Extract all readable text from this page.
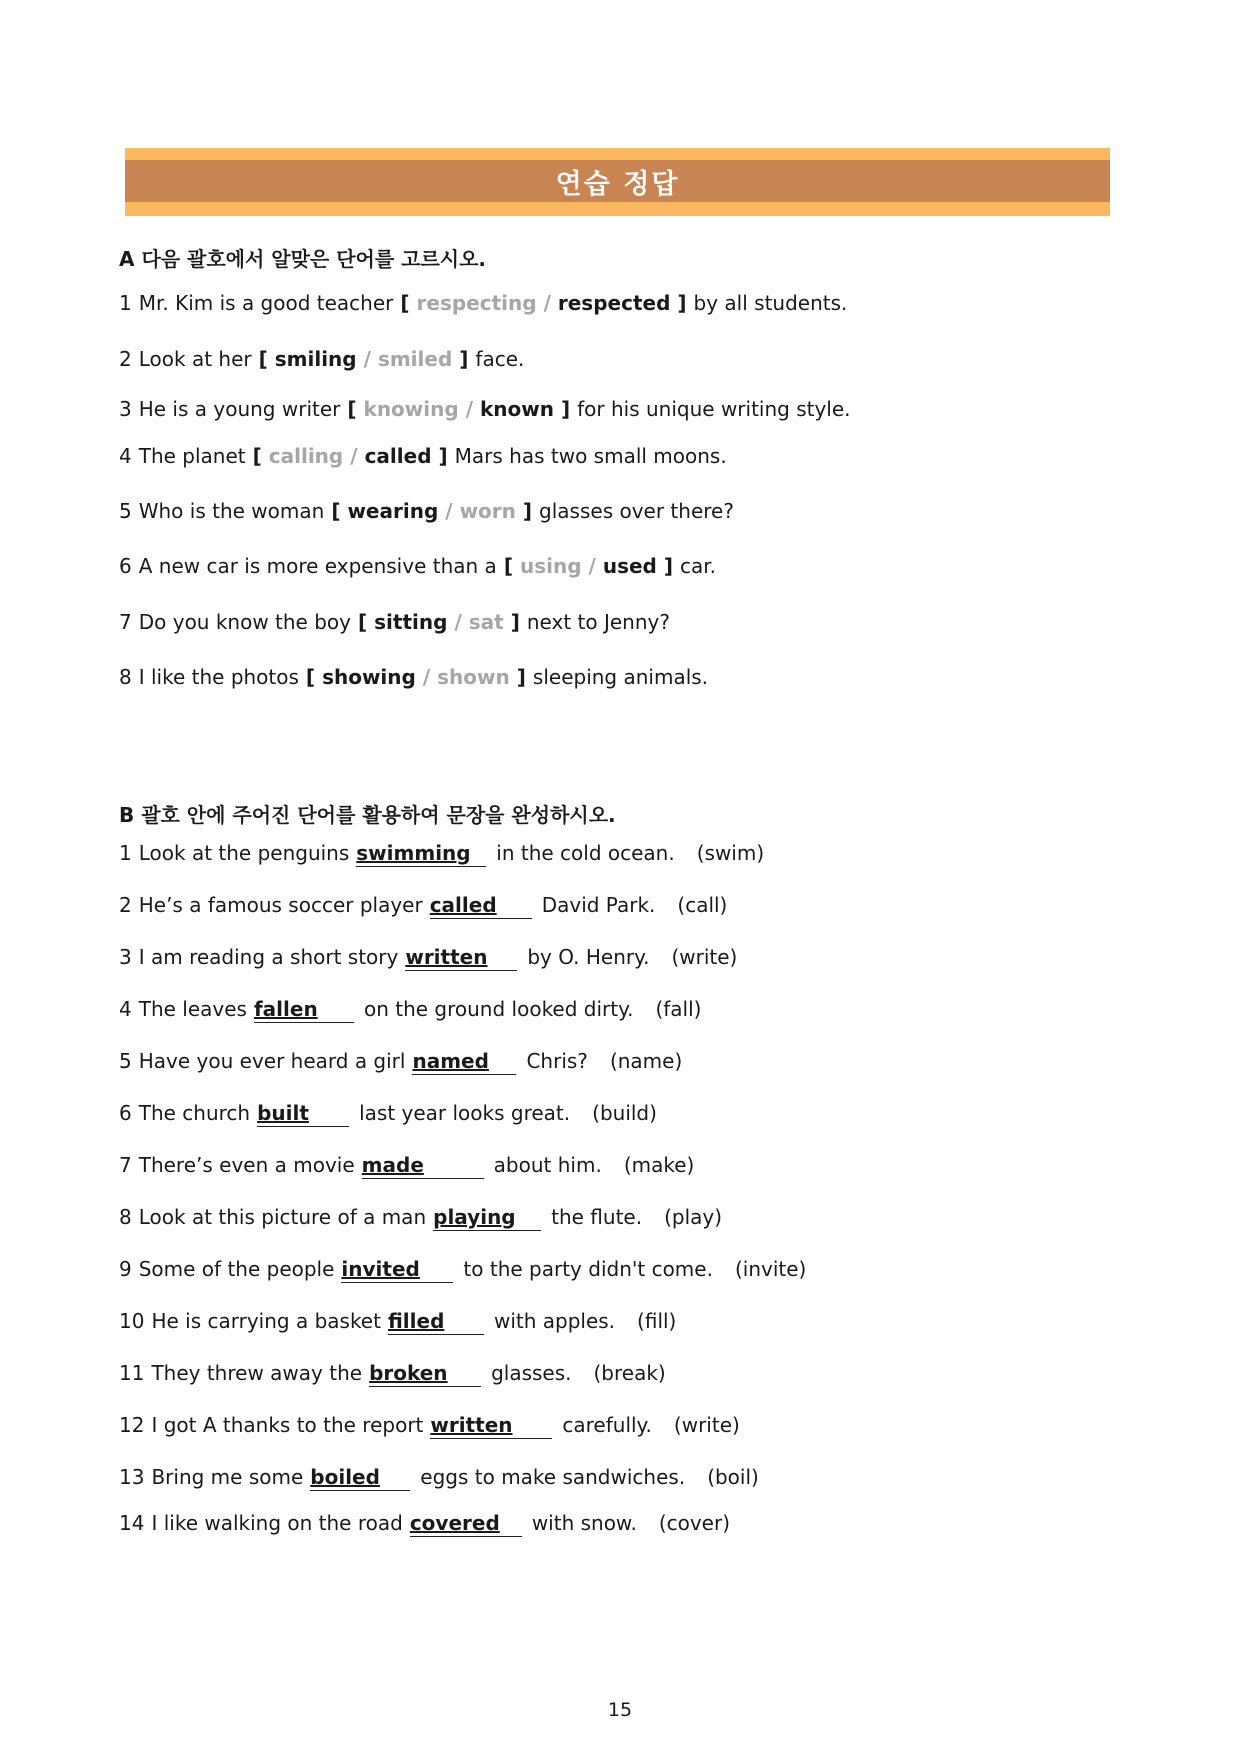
연습 정답
A 다음 괄호에서 알맞은 단어를 고르시오.
1 Mr. Kim is a good teacher [ respecting / respected ] by all students.
2 Look at her [ smiling / smiled ] face.
3 He is a young writer [ knowing / known ] for his unique writing style.
4 The planet [ calling / called ] Mars has two small moons.
5 Who is the woman [ wearing / worn ] glasses over there?
6 A new car is more expensive than a [ using / used ] car.
7 Do you know the boy [ sitting / sat ] next to Jenny?
8 I like the photos [ showing / shown ] sleeping animals.
B 괄호 안에 주어진 단어를 활용하여 문장을 완성하시오.
1 Look at the penguins swimming in the cold ocean. (swim)
2 He’s a famous soccer player called David Park. (call)
3 I am reading a short story written by O. Henry. (write)
4 The leaves fallen on the ground looked dirty. (fall)
5 Have you ever heard a girl named Chris? (name)
6 The church built	last year looks great. (build)
7 There’s even a movie made	about him. (make)
8 Look at this picture of a man playing the flute. (play)
9 Some of the people invited to the party didn't come. (invite)
10 He is carrying a basket filled with apples. (fill)
11 They threw away the broken glasses. (break)
12 I got A thanks to the report written carefully. (write)
13 Bring me some boiled eggs to make sandwiches. (boil)
14 I like walking on the road covered with snow. (cover)
15
